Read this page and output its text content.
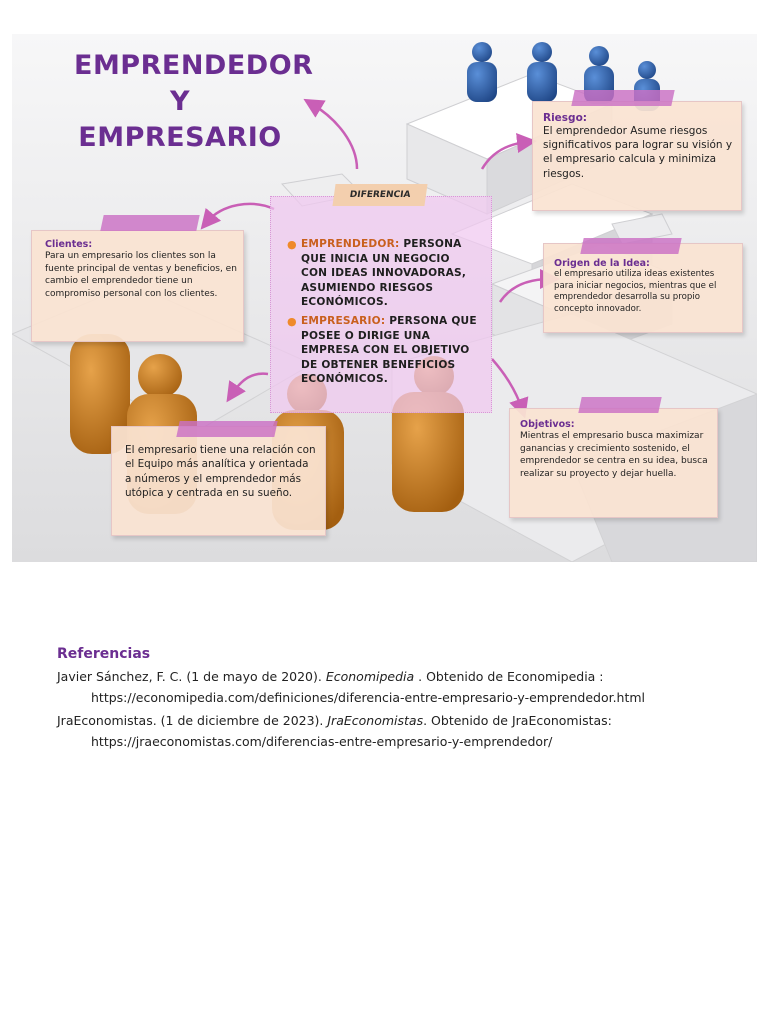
EMPRENDEDOR
Y
EMPRESARIO
● EMPRENDEDOR: PERSONA QUE INICIA UN NEGOCIO CON IDEAS INNOVADORAS, ASUMIENDO RIESGOS ECONÓMICOS.
● EMPRESARIO: PERSONA QUE POSEE O DIRIGE UNA EMPRESA CON EL OBJETIVO DE OBTENER BENEFICIOS ECONÓMICOS.
DIFERENCIA
Riesgo:
El emprendedor Asume riesgos significativos para lograr su visión y el empresario calcula y minimiza riesgos.
Clientes:
Para un empresario los clientes son la fuente principal de ventas y beneficios, en cambio el emprendedor tiene un compromiso personal con los clientes.
Origen de la Idea:
el empresario utiliza ideas existentes para iniciar negocios, mientras que el emprendedor desarrolla su propio concepto innovador.
Objetivos:
Mientras el empresario busca maximizar ganancias y crecimiento sostenido, el emprendedor se centra en su idea, busca realizar su proyecto y dejar huella.
El empresario tiene una relación con el Equipo más analítica y orientada a números y el emprendedor más utópica y centrada en su sueño.
Referencias
Javier Sánchez, F. C. (1 de mayo de 2020). Economipedia . Obtenido de Economipedia :
https://economipedia.com/definiciones/diferencia-entre-empresario-y-emprendedor.html
JraEconomistas. (1 de diciembre de 2023). JraEconomistas. Obtenido de JraEconomistas:
https://jraeconomistas.com/diferencias-entre-empresario-y-emprendedor/
